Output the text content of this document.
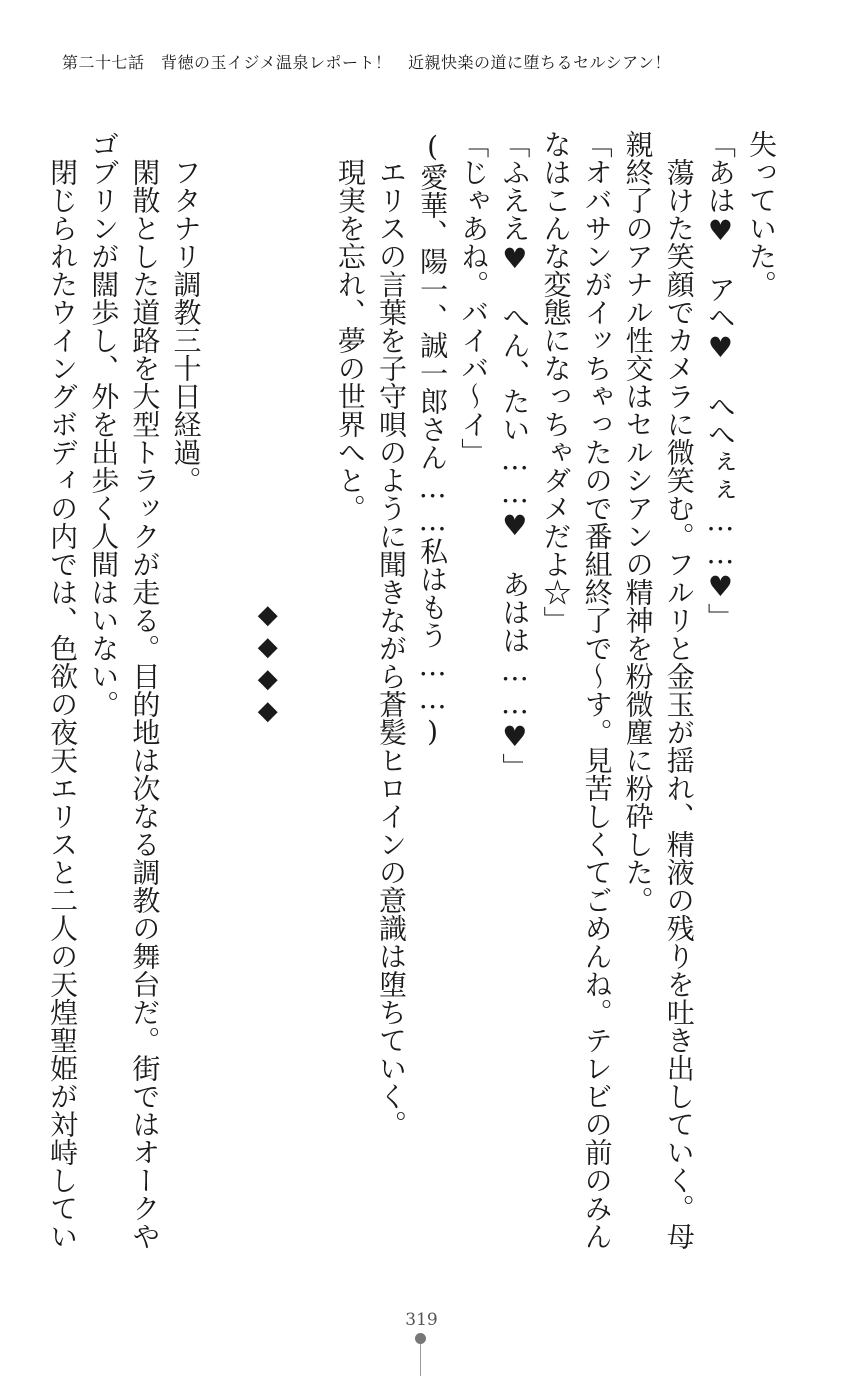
第二十七話　背徳の玉イジメ温泉レポート！　近親快楽の道に堕ちるセルシアン！
失っていた。
「あは♥　アヘ♥　へへぇぇ……♥」
　蕩けた笑顔でカメラに微笑む。フルリと金玉が揺れ、精液の残りを吐き出していく。母
親終了のアナル性交はセルシアンの精神を粉微塵に粉砕した。
「オバサンがイッちゃったので番組終了で～す。見苦しくてごめんね。テレビの前のみん
なはこんな変態になっちゃダメだよ☆」
「ふええ♥　へん、たい……♥　あはは……♥」
「じゃあね。バイバ～イ」
(愛華、陽一、誠一郎さん……私はもう……)
　エリスの言葉を子守唄のように聞きながら蒼髪ヒロインの意識は堕ちていく。
　現実を忘れ、夢の世界へと。
◆◆◆◆
　フタナリ調教三十日経過。
　閑散とした道路を大型トラックが走る。目的地は次なる調教の舞台だ。街ではオークや
ゴブリンが闊歩し、外を出歩く人間はいない。
　閉じられたウイングボディの内では、色欲の夜天エリスと二人の天煌聖姫が対峙してい
319
